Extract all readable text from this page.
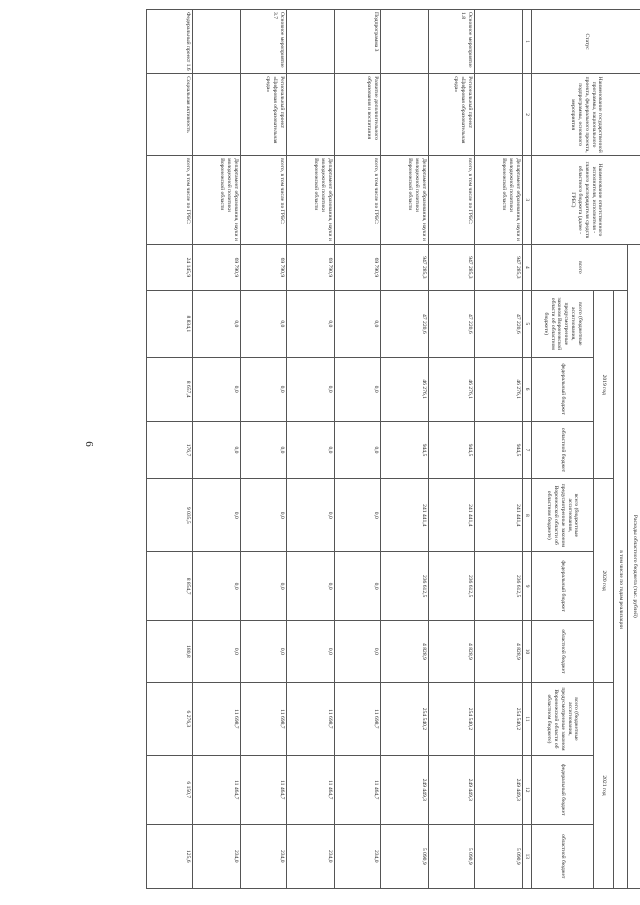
6
Статус	Наименование государственной программы, национального проекта, федерального проекта, подпрограммы, основного мероприятия	Наименование ответственного исполнителя, исполнителя - главного распорядителя средств областного бюджета (далее - ГРБС)	Расходы областного бюджета (тыс. рублей)									
			всего	в том числе по годам реализации								
				2019 год			2020 год			2021 год		
				всего (бюджетные ассигнования, предусмотренные законом Воронежской области об областном бюджете)	федеральный бюджет	областной бюджет	всего (бюджетные ассигнования, предусмотренные законом Воронежской области об областном бюджете)	федеральный бюджет	областной бюджет	всего (бюджетные ассигнования, предусмотренные законом Воронежской области об областном бюджете)	федеральный бюджет	областной бюджет
1	2	3	4	5	6	7	8	9	10	11	12	13
		Департамент образования, науки и молодежной политики Воронежской области	947 285,3	47 220,6	46 276,1	944,5	241 441,4	236 612,5	4 828,9	254 540,2	249 449,3	5 090,9
Основное мероприятие 1.8	Региональный проект «Цифровая образовательная среда»	всего, в том числе по ГРБС:	947 285,3	47 220,6	46 276,1	944,5	241 441,4	236 612,5	4 828,9	254 540,2	249 449,3	5 090,9
		Департамент образования, науки и молодежной политики Воронежской области	947 285,3	47 220,6	46 276,1	944,5	241 441,4	236 612,5	4 828,9	254 540,2	249 449,3	5 090,9
Подпрограмма 3	Развитие дополнительного образования и воспитания	всего, в том числе по ГРБС:	69 790,9	0,0	0,0	0,0	0,0	0,0	0,0	11 698,7	11 464,7	234,0
		Департамент образования, науки и молодежной политики Воронежской области	69 790,9	0,0	0,0	0,0	0,0	0,0	0,0	11 698,7	11 464,7	234,0
Основное мероприятие 3.7	Региональный проект «Цифровая образовательная среда»	всего, в том числе по ГРБС:	69 790,9	0,0	0,0	0,0	0,0	0,0	0,0	11 698,7	11 464,7	234,0
		Департамент образования, науки и молодежной политики Воронежской области	69 790,9	0,0	0,0	0,0	0,0	0,0	0,0	11 698,7	11 464,7	234,0
Федеральный проект 1.6	Социальная активность	всего, в том числе по ГРБС:	24 145,9	8 834,1	8 657,4	176,7	9 035,5	8 854,7	180,8	6 276,3	6 150,7	125,6
